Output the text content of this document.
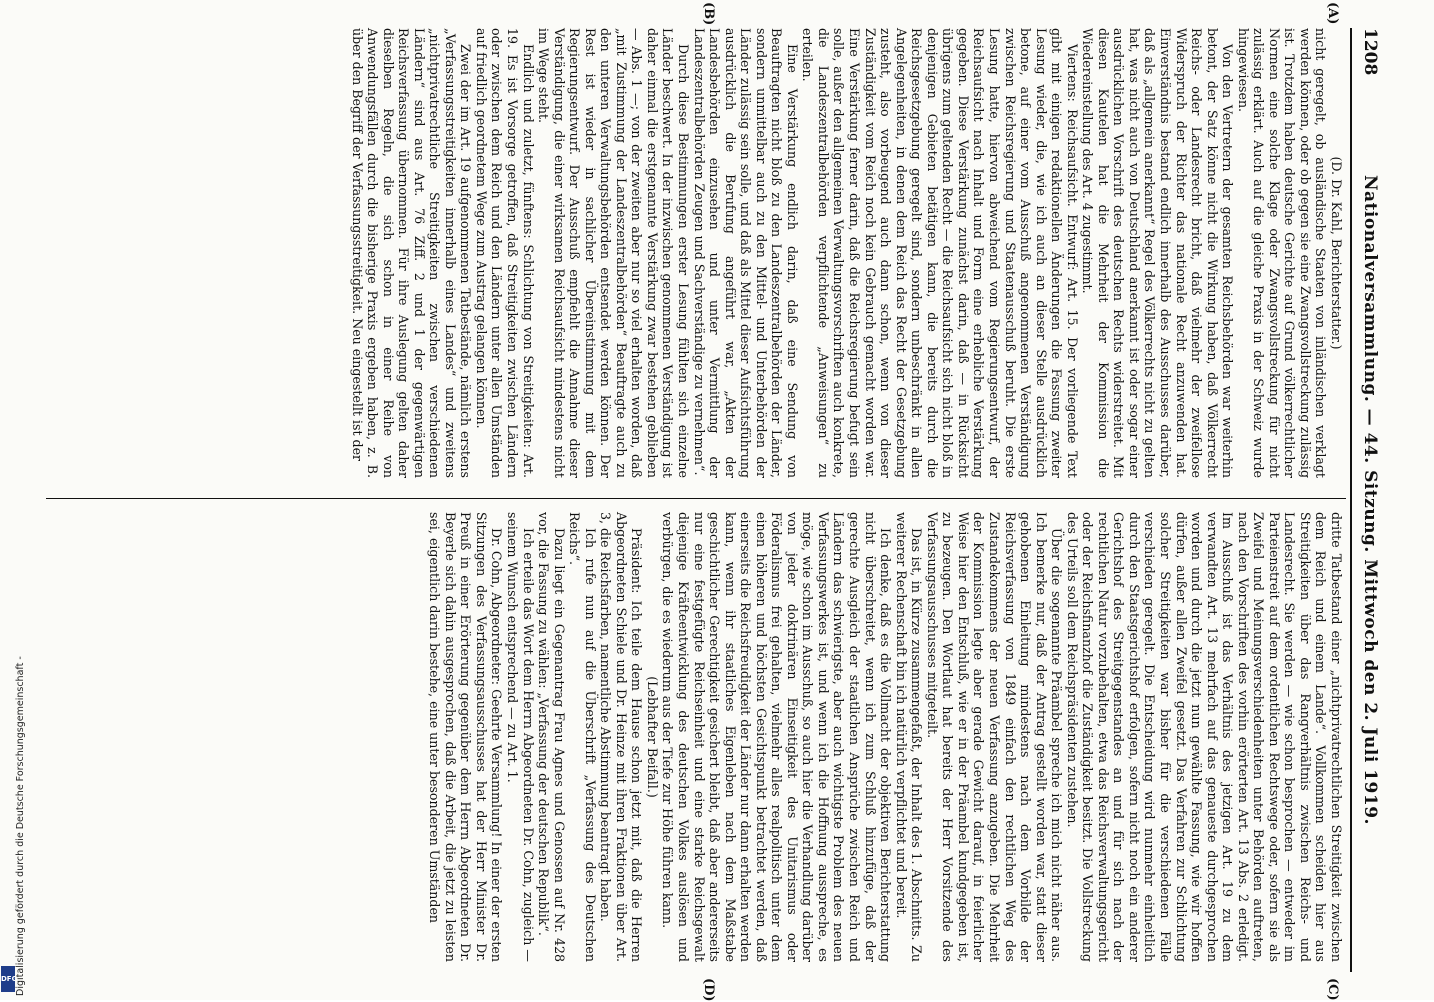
1208
Nationalversammlung. — 44. Sitzung. Mittwoch den 2. Juli 1919.
(A)
(B)
(C)
(D)

(D. Dr. Kahl, Berichterstatter.)

nicht geregelt, ob ausländische Staaten von inländischen verklagt werden können, oder ob gegen sie eine Zwangsvollstreckung zulässig ist. Trotzdem haben deutsche Gerichte auf Grund völkerrechtlicher Normen eine solche Klage oder Zwangsvollstreckung für nicht zulässig erklärt. Auch auf die gleiche Praxis in der Schweiz wurde hingewiesen.

Von den Vertretern der gesamten Reichsbehörden war weiterhin betont, der Satz könne nicht die Wirkung haben, daß Völkerrecht Reichs- oder Landesrecht bricht, daß vielmehr der zweifellose Widerspruch der Richter das nationale Recht anzuwenden hat. Einverständnis bestand endlich innerhalb des Ausschusses darüber, daß als „allgemein anerkannt“ Regel des Völkerrechts nicht zu gelten hat, was nicht auch von Deutschland anerkannt ist oder sogar einer ausdrücklichen Vorschrift des deutschen Rechts widerstreitet. Mit diesen Kautelen hat die Mehrheit der Kommission die Wiedereinstellung des Art. 4 zugestimmt.

Viertens: Reichsaufsicht. Entwurf: Art. 15. Der vorliegende Text gibt mit einigen redaktionellen Änderungen die Fassung zweiter Lesung wieder, die, wie ich auch an dieser Stelle ausdrücklich betone, auf einer vom Ausschuß angenommenen Verständigung zwischen Reichsregierung und Staatenausschuß beruht. Die erste Lesung hatte, hiervon abweichend vom Regierungsentwurf, der Reichsaufsicht nach Inhalt und Form eine erhebliche Verstärkung gegeben. Diese Verstärkung zunächst darin, daß — in Rücksicht übrigens zum geltenden Recht — die Reichsaufsicht sich nicht bloß in denjenigen Gebieten betätigen kann, die bereits durch die Reichsgesetzgebung geregelt sind, sondern unbeschränkt in allen Angelegenheiten, in denen dem Reich das Recht der Gesetzgebung zusteht, also vorbeugend auch dann schon, wenn von dieser Zuständigkeit vom Reich noch kein Gebrauch gemacht worden war. Eine Verstärkung ferner darin, daß die Reichsregierung befugt sein solle, außer den allgemeinen Verwaltungsvorschriften auch konkrete, die Landeszentralbehörden verpflichtende „Anweisungen“ zu erteilen.

Eine Verstärkung endlich darin, daß eine Sendung von Beauftragten nicht bloß zu den Landeszentralbehörden der Länder, sondern unmittelbar auch zu den Mittel- und Unterbehörden der Länder zulässig sein solle, und daß als Mittel dieser Aufsichtsführung ausdrücklich die Berufung angeführt war, „Akten der Landesbehörden einzusehen und unter Vermittlung der Landeszentralbehörden Zeugen und Sachverständige zu vernehmen“.

Durch diese Bestimmungen erster Lesung fühlten sich einzelne Länder beschwert. In der inzwischen genommenen Verständigung ist daher einmal die erstgenannte Verstärkung zwar bestehen geblieben — Abs. 1 —; von der zweiten aber nur so viel erhalten worden, daß „mit Zustimmung der Landeszentralbehörden“ Beauftragte auch zu den unteren Verwaltungsbehörden entsendet werden können. Der Rest ist wieder in sachlicher Übereinstimmung mit dem Regierungsentwurf. Der Ausschuß empfiehlt die Annahme dieser Verständigung, die einer wirksamen Reichsaufsicht mindestens nicht im Wege steht.

Endlich und zuletzt, fünftens: Schlichtung von Streitigkeiten: Art. 19. Es ist Vorsorge getroffen, daß Streitigkeiten zwischen Ländern oder zwischen dem Reich und den Ländern unter allen Umständen auf friedlich geordnetem Wege zum Austrag gelangen können.

Zwei der im Art. 19 aufgenommenen Tatbestände, nämlich erstens „Verfassungsstreitigkeiten innerhalb eines Landes“ und zweitens „nichtprivatrechtliche Streitigkeiten zwischen verschiedenen Ländern“ sind aus Art. 76 Ziff. 2 und 1 der gegenwärtigen Reichsverfassung übernommen. Für ihre Auslegung gelten daher dieselben Regeln, die sich schon in einer Reihe von Anwendungsfällen durch die bisherige Praxis ergeben haben, z. B. über den Begriff der Verfassungsstreitigkeit. Neu eingestellt ist der

dritte Tatbestand einer „nichtprivatrechtlichen Streitigkeit zwischen dem Reich und einem Lande“. Vollkommen scheiden hier aus Streitigkeiten über das Rangverhältnis zwischen Reichs- und Landesrecht. Sie werden — wie schon besprochen — entweder im Parteienstreit auf dem ordentlichen Rechtswege oder, sofern sie als Zweifel und Meinungsverschiedenheiten unter Behörden auftreten, nach den Vorschriften des vorhin erörterten Art. 13 Abs. 2 erledigt. Im Ausschuß ist das Verhältnis des jetzigen Art. 19 zu dem verwandten Art. 13 mehrfach auf das genaueste durchgesprochen worden und durch die jetzt nun gewählte Fassung, wie wir hoffen dürfen, außer allen Zweifel gesetzt. Das Verfahren zur Schlichtung solcher Streitigkeiten war bisher für die verschiedenen Fälle verschieden geregelt. Die Entscheidung wird nunmehr einheitlich durch den Staatsgerichtshof erfolgen, sofern nicht noch ein anderer Gerichtshof des Streitgegenstandes an und für sich nach der rechtlichen Natur vorzubehalten, etwa das Reichsverwaltungsgericht oder der Reichsfinanzhof die Zuständigkeit besitzt. Die Vollstreckung des Urteils soll dem Reichspräsidenten zustehen.

Über die sogenannte Präambel spreche ich mich nicht näher aus. Ich bemerke nur, daß der Antrag gestellt worden war, statt dieser gehobenen Einleitung mindestens nach dem Vorbilde der Reichsverfassung von 1849 einfach den rechtlichen Weg des Zustandekommens der neuen Verfassung anzugeben. Die Mehrheit der Kommission legte aber gerade Gewicht darauf, in feierlicher Weise hier den Entschluß, wie er in der Präambel kundgegeben ist, zu bezeugen. Den Wortlaut hat bereits der Herr Vorsitzende des Verfassungsausschusses mitgeteilt.

Das ist, in Kürze zusammengefaßt, der Inhalt des 1. Abschnitts. Zu weiterer Rechenschaft bin ich natürlich verpflichtet und bereit.

Ich denke, daß es die Vollmacht der objektiven Berichterstattung nicht überschreitet, wenn ich zum Schluß hinzufüge, daß der gerechte Ausgleich der staatlichen Ansprüche zwischen Reich und Ländern das schwierigste, aber auch wichtigste Problem des neuen Verfassungswerkes ist, und wenn ich die Hoffnung ausspreche, es möge, wie schon im Ausschuß, so auch hier die Verhandlung darüber von jeder doktrinären Einseitigkeit des Unitarismus oder Föderalismus frei gehalten, vielmehr alles realpolitisch unter dem einen höheren und höchsten Gesichtspunkt betrachtet werden, daß einerseits die Reichsfreudigkeit der Länder nur dann erhalten werden kann, wenn ihr staatliches Eigenleben nach dem Maßstabe geschichtlicher Gerechtigkeit gesichert bleibt, daß aber andererseits nur eine festgefügte Reichseinheit und eine starke Reichsgewalt diejenige Kräfteentwicklung des deutschen Volkes auslösen und verbürgen, die es wiederum aus der Tiefe zur Höhe führen kann.

(Lebhafter Beifall.)

Präsident: Ich teile dem Hause schon jetzt mit, daß die Herren Abgeordneten Schiele und Dr. Heinze mit ihren Fraktionen über Art. 3, die Reichsfarben, namentliche Abstimmung beantragt haben.

Ich rufe nun auf die Überschrift „Verfassung des Deutschen Reichs“.

Dazu liegt ein Gegenantrag Frau Agnes und Genossen auf Nr. 428 vor, die Fassung zu wählen: „Verfassung der deutschen Republik“.

Ich erteile das Wort dem Herrn Abgeordneten Dr. Cohn, zugleich — seinem Wunsch entsprechend — zu Art. 1.

Dr. Cohn, Abgeordneter: Geehrte Versammlung! In einer der ersten Sitzungen des Verfassungsausschusses hat der Herr Minister Dr. Preuß in einer Erörterung gegenüber dem Herrn Abgeordneten Dr. Beyerle sich dahin ausgesprochen, daß die Arbeit, die jetzt zu leisten sei, eigentlich darin bestehe, eine unter besonderen Umständen

Digitalisierung gefördert durch die Deutsche Forschungsgemeinschaft -
DFG
